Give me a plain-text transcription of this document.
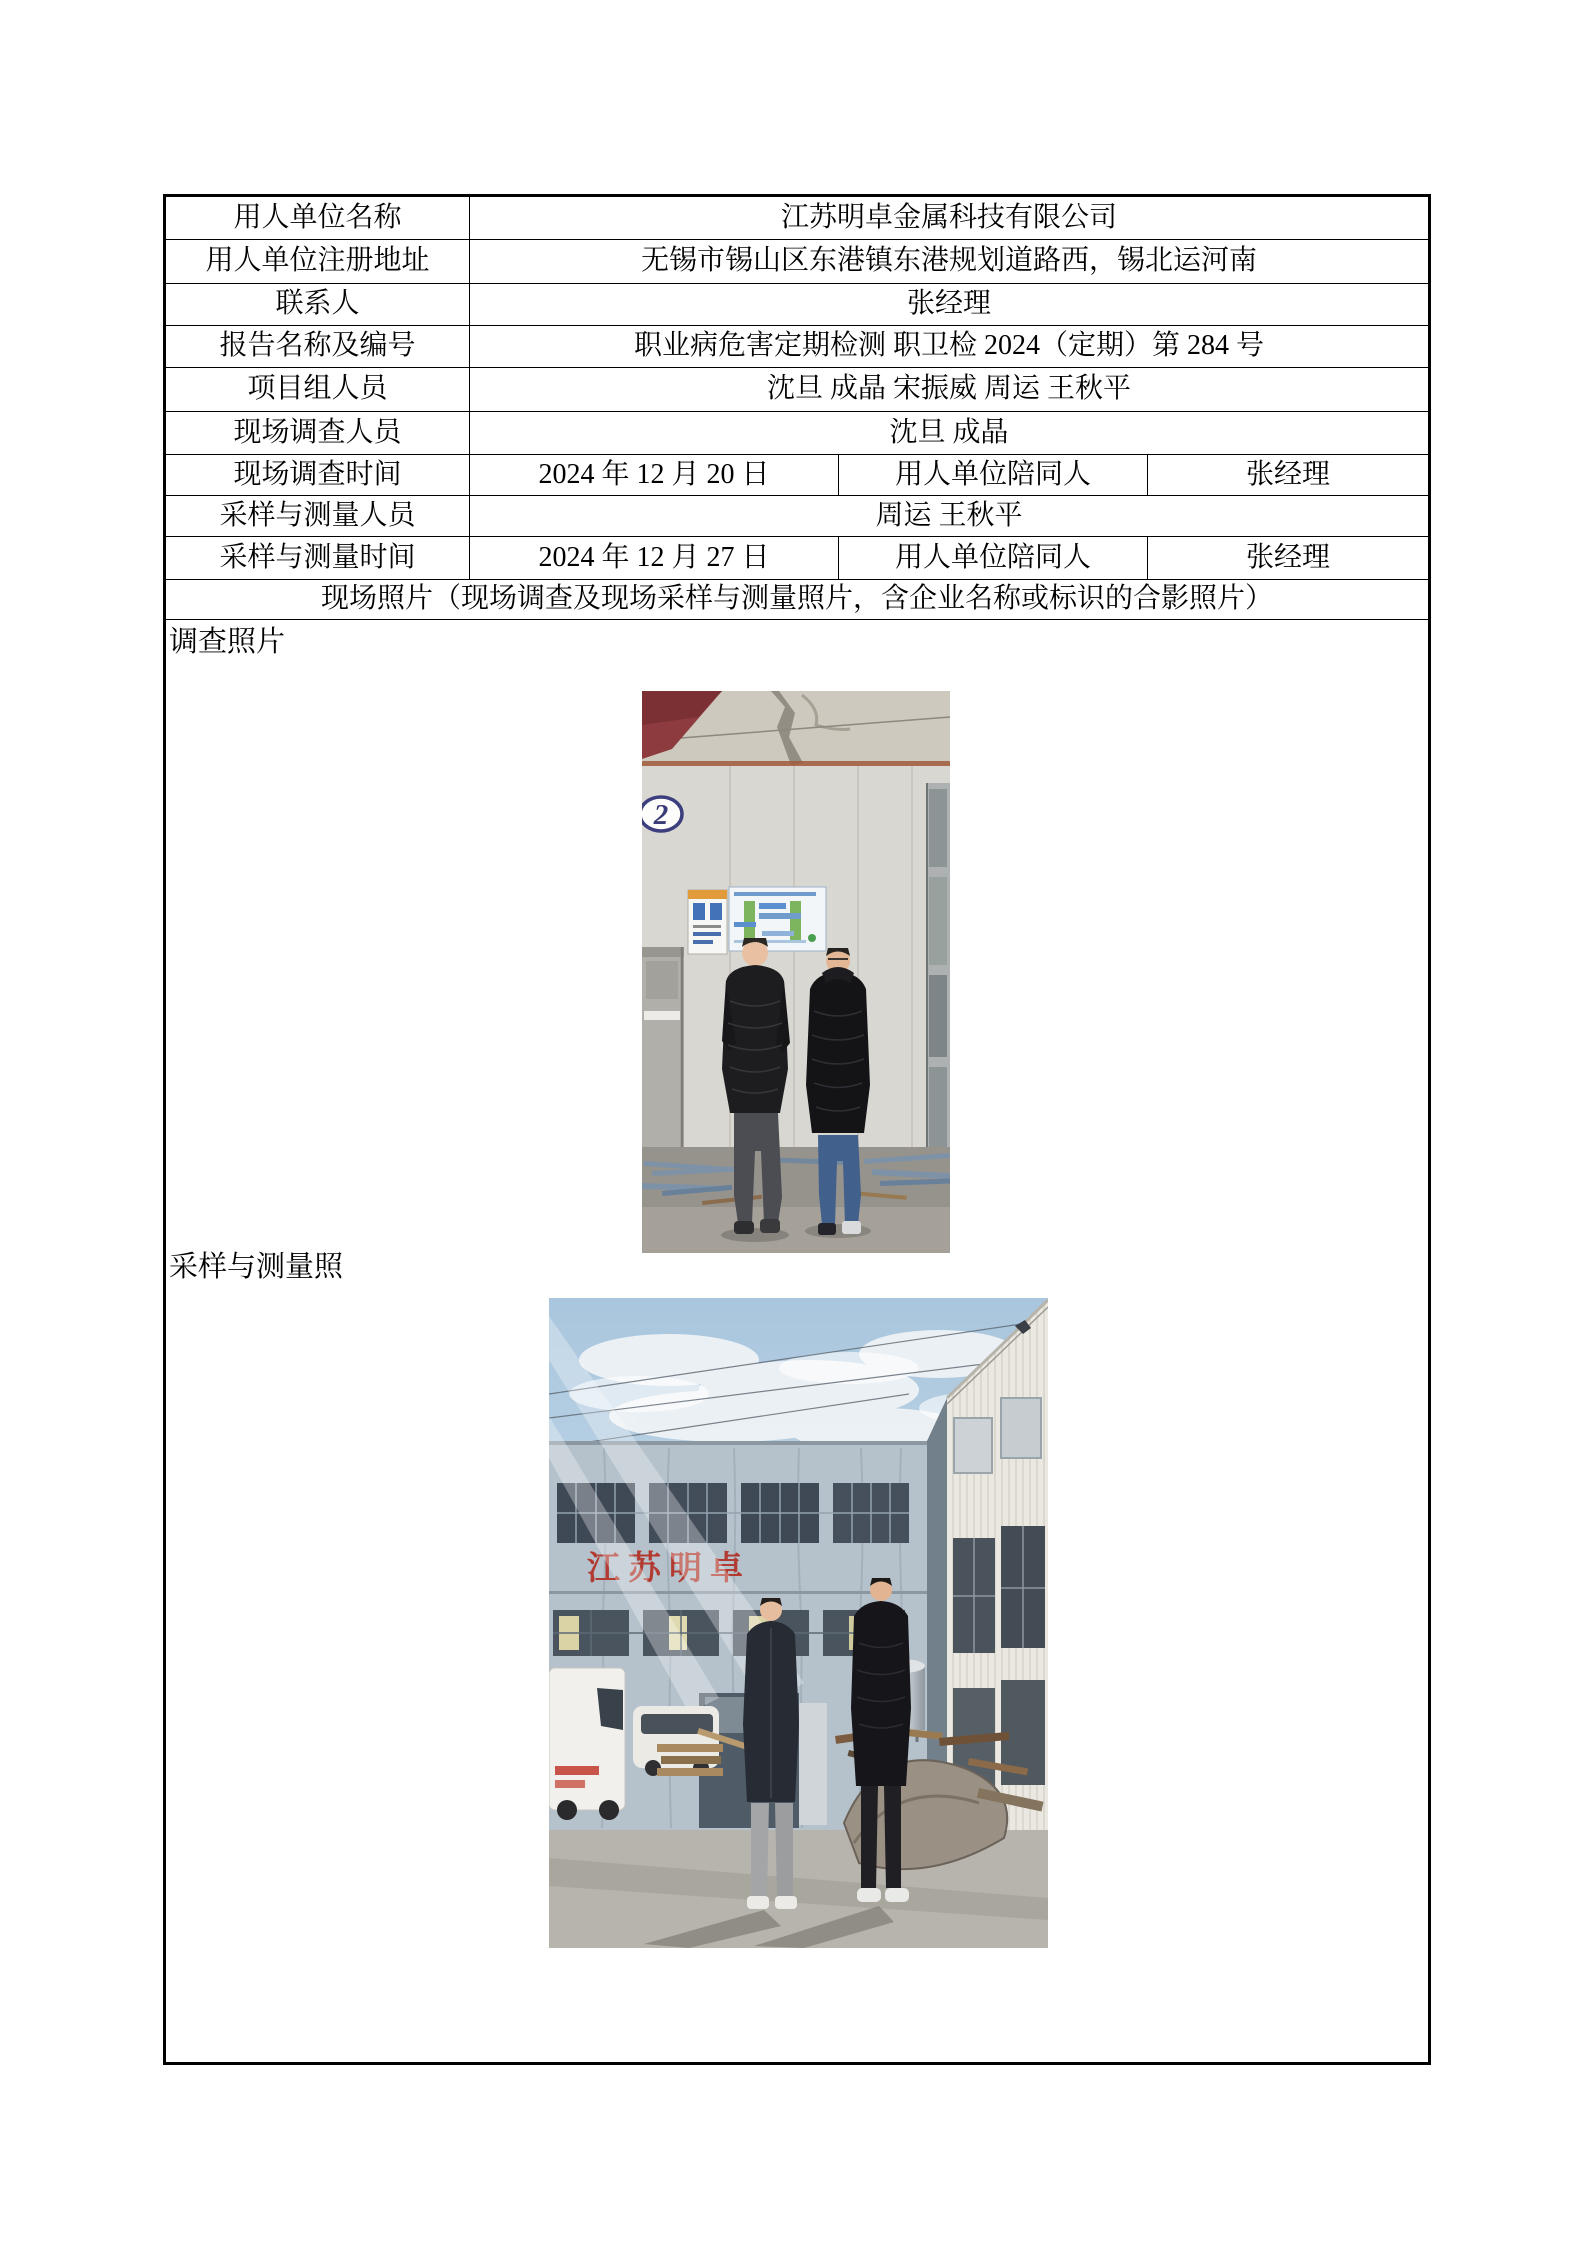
用人单位名称	江苏明卓金属科技有限公司		
用人单位注册地址	无锡市锡山区东港镇东港规划道路西，锡北运河南		
联系人	张经理		
报告名称及编号	职业病危害定期检测 职卫检 2024（定期）第 284 号		
项目组人员	沈旦 成晶 宋振威 周运 王秋平		
现场调查人员	沈旦 成晶		
现场调查时间	2024 年 12 月 20 日	用人单位陪同人	张经理
采样与测量人员	周运 王秋平		
采样与测量时间	2024 年 12 月 27 日	用人单位陪同人	张经理
现场照片（现场调查及现场采样与测量照片，含企业名称或标识的合影照片）			

调查照片
2
采样与测量照
江苏明卓			
